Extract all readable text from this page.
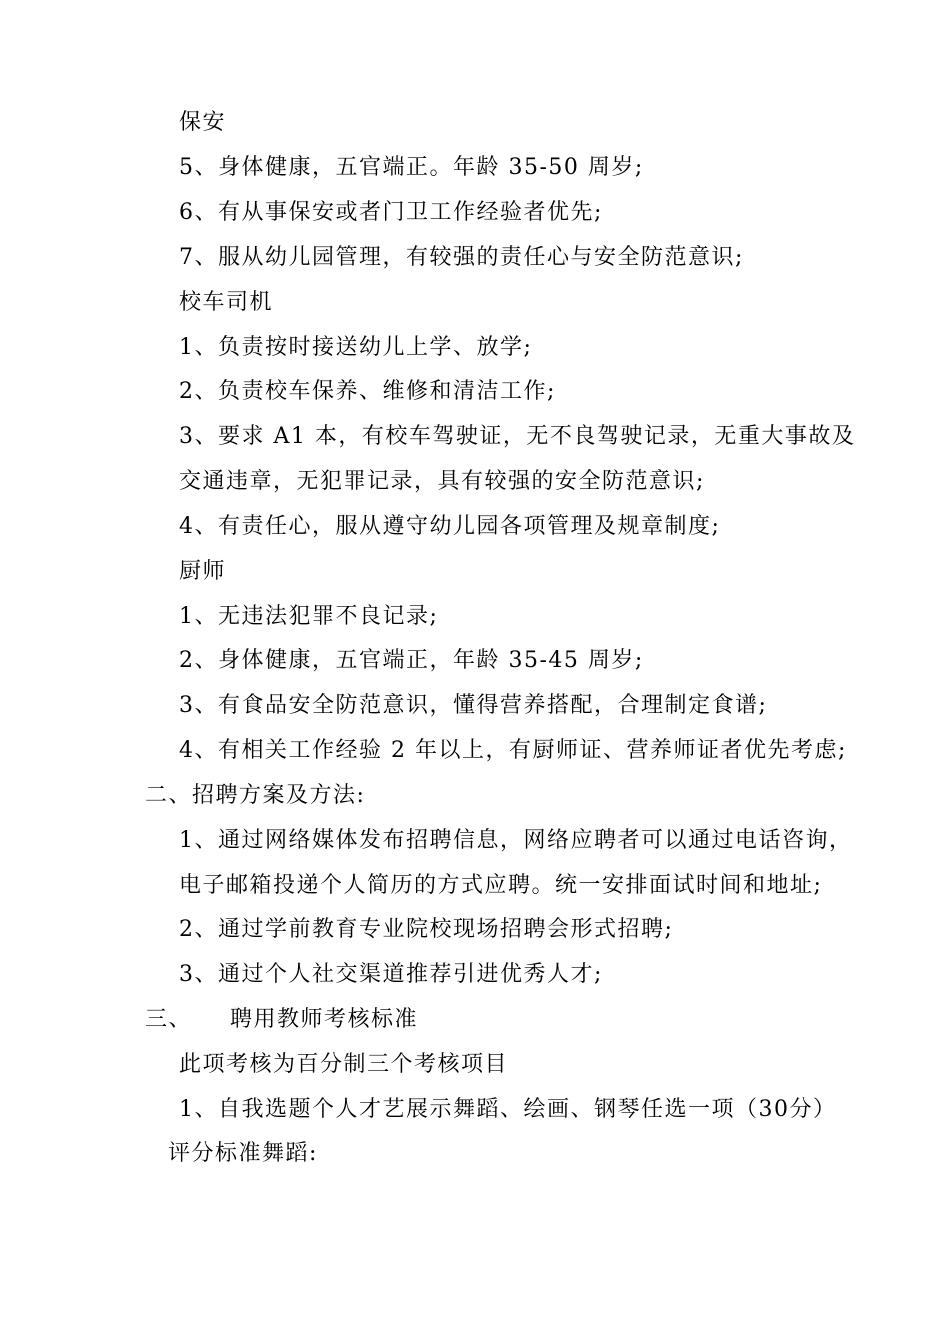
保安
5、身体健康，五官端正。年龄 35-50 周岁;
6、有从事保安或者门卫工作经验者优先;
7、服从幼儿园管理，有较强的责任心与安全防范意识;
校车司机
1、负责按时接送幼儿上学、放学;
2、负责校车保养、维修和清洁工作;
3、要求 A1 本，有校车驾驶证，无不良驾驶记录，无重大事故及
交通违章，无犯罪记录，具有较强的安全防范意识;
4、有责任心，服从遵守幼儿园各项管理及规章制度;
厨师
1、无违法犯罪不良记录;
2、身体健康，五官端正，年龄 35-45 周岁;
3、有食品安全防范意识，懂得营养搭配，合理制定食谱;
4、有相关工作经验 2 年以上，有厨师证、营养师证者优先考虑;
二、招聘方案及方法:
1、通过网络媒体发布招聘信息，网络应聘者可以通过电话咨询，
电子邮箱投递个人简历的方式应聘。统一安排面试时间和地址;
2、通过学前教育专业院校现场招聘会形式招聘;
3、通过个人社交渠道推荐引进优秀人才;
三、 聘用教师考核标准
此项考核为百分制三个考核项目
1、自我选题个人才艺展示舞蹈、绘画、钢琴任选一项（30分）
评分标准舞蹈:
